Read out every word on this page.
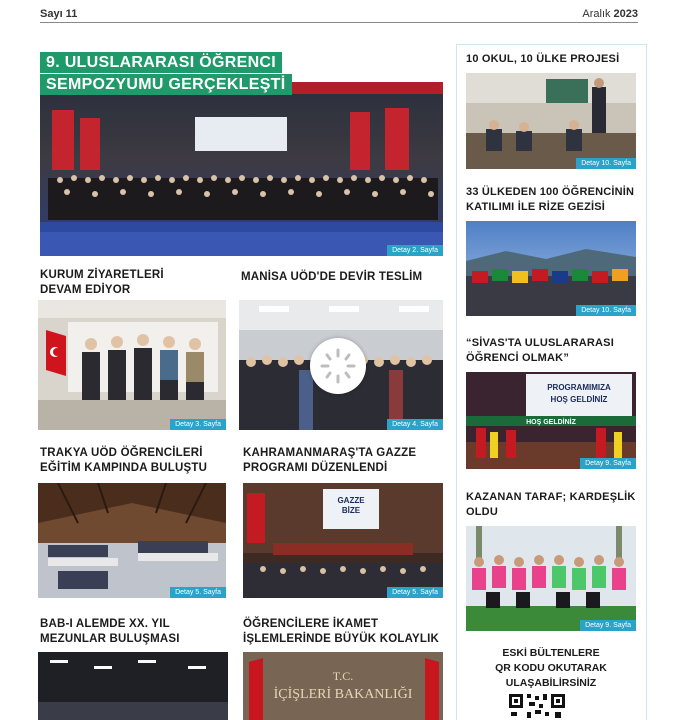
Sayı 11	Aralık 2023
9. ULUSLARARASI ÖĞRENCI
SEMPOZYUMU GERÇEKLEŞTİ
Detay 2. Sayfa
KURUM ZİYARETLERİ
DEVAM EDİYOR
Detay 3. Sayfa
MANİSA UÖD'DE DEVİR TESLİM
Detay 4. Sayfa
TRAKYA UÖD ÖĞRENCİLERİ
EĞİTİM KAMPINDA BULUŞTU
Detay 5. Sayfa
KAHRAMANMARAŞ'TA GAZZE
PROGRAMI DÜZENLENDİ
GAZZE
BİZE
Detay 5. Sayfa
BAB-I ALEMDE XX. YIL
MEZUNLAR BULUŞMASI
ÖĞRENCİLERE İKAMET
İŞLEMLERİNDE BÜYÜK KOLAYLIK
T.C.
İÇİŞLERİ BAKANLIĞI
10 OKUL, 10 ÜLKE PROJESİ
Detay 10. Sayfa
33 ÜLKEDEN 100 ÖĞRENCİNİN
KATILIMI İLE RİZE GEZİSİ
Detay 10. Sayfa
“SİVAS'TA ULUSLARARASI
ÖĞRENCİ OLMAK”
PROGRAMIMIZA
HOŞ GELDİNİZ
HOŞ GELDİNİZ
Detay 9. Sayfa
KAZANAN TARAF; KARDEŞLİK
OLDU
Detay 9. Sayfa
ESKİ BÜLTENLERE
QR KODU OKUTARAK
ULAŞABİLİRSİNİZ
